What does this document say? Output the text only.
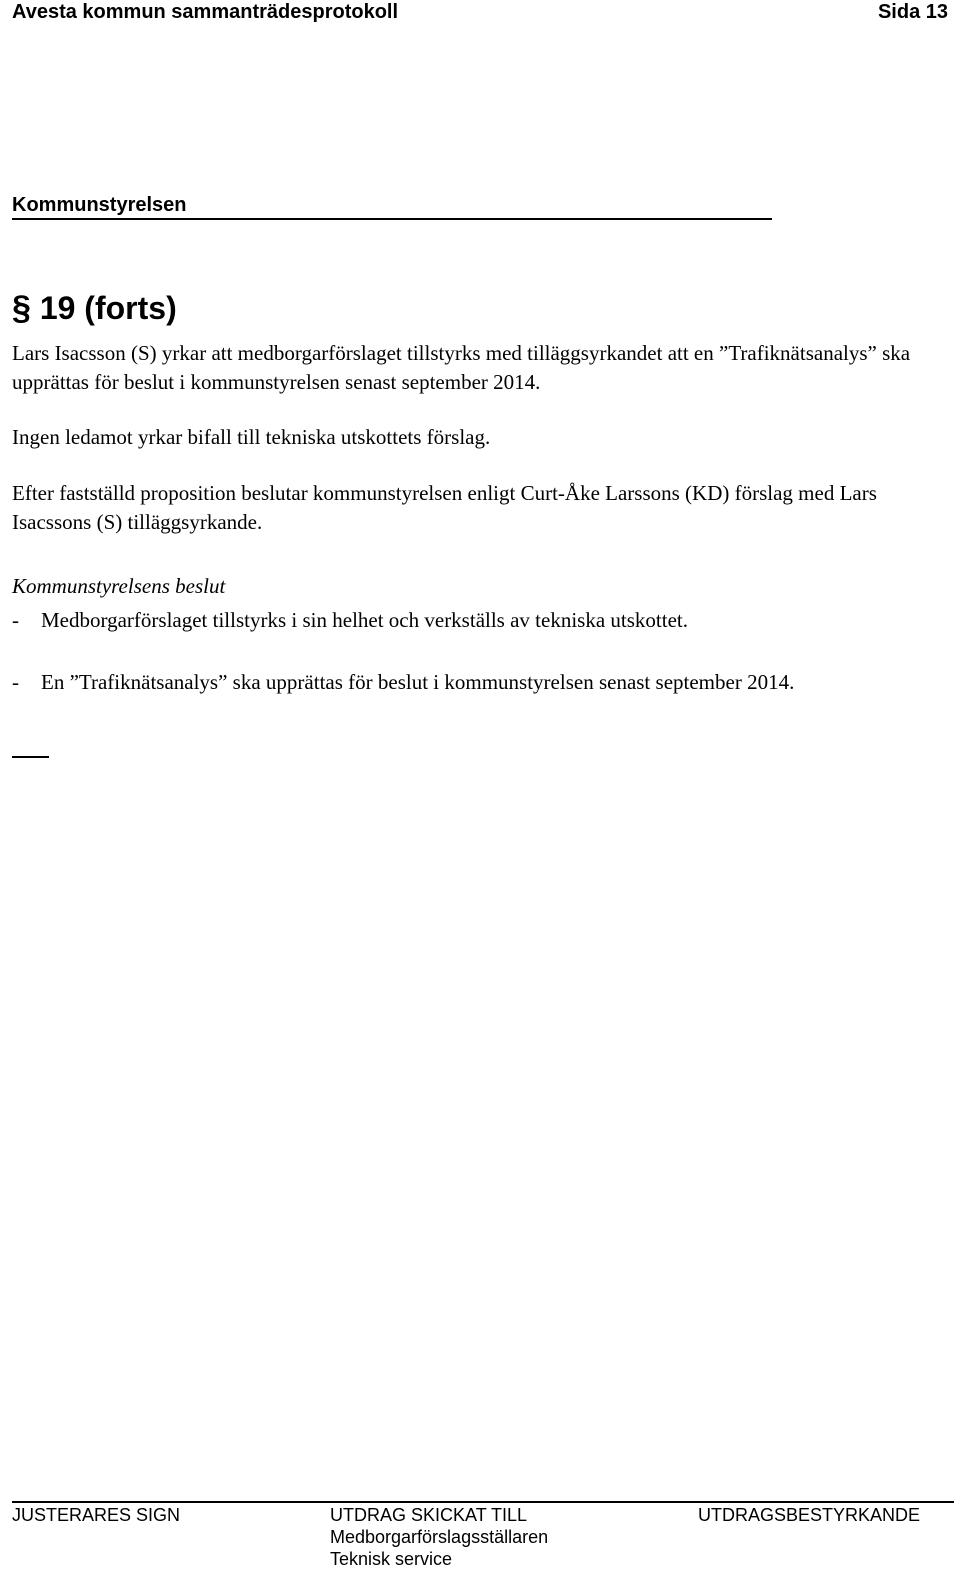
Avesta kommun sammanträdesprotokoll	Sida 13
Kommunstyrelsen
§ 19 (forts)
Lars Isacsson (S) yrkar att medborgarförslaget tillstyrks med tilläggsyrkandet att en ”Trafiknätsanalys” ska upprättas för beslut i kommunstyrelsen senast september 2014.
Ingen ledamot yrkar bifall till tekniska utskottets förslag.
Efter fastställd proposition beslutar kommunstyrelsen enligt Curt-Åke Larssons (KD) förslag med Lars Isacssons (S) tilläggsyrkande.
Kommunstyrelsens beslut
- Medborgarförslaget tillstyrks i sin helhet och verkställs av tekniska utskottet.
- En ”Trafiknätsanalys” ska upprättas för beslut i kommunstyrelsen senast september 2014.
JUSTERARES SIGN	UTDRAG SKICKAT TILL
Medborgarförslagsställaren
Teknisk service
UTDRAGSBESTYRKANDE
